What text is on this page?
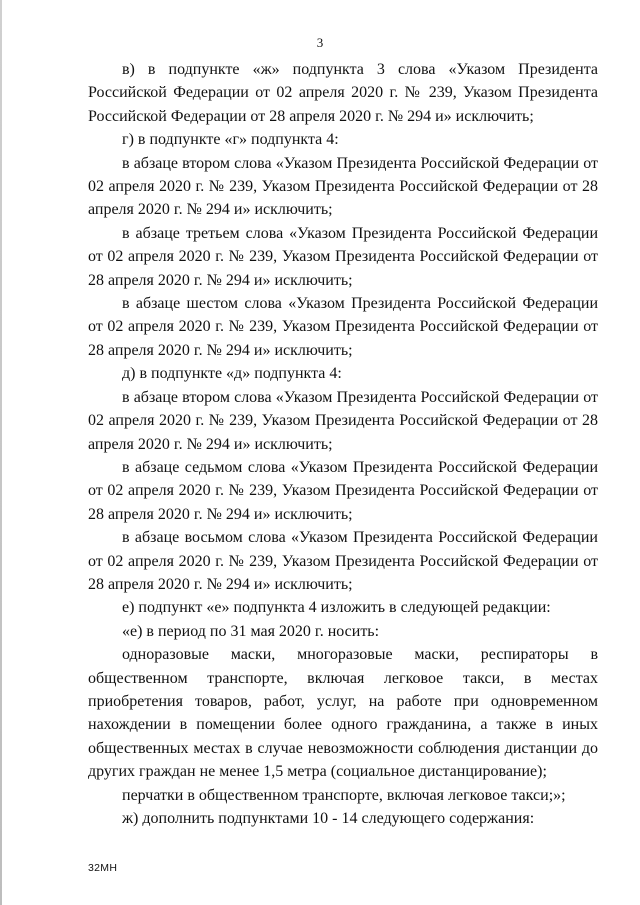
3

в) в подпункте «ж» подпункта 3 слова «Указом Президента Российской Федерации от 02 апреля 2020 г. № 239, Указом Президента Российской Федерации от 28 апреля 2020 г. № 294 и» исключить;

г) в подпункте «г» подпункта 4:

в абзаце втором слова «Указом Президента Российской Федерации от 02 апреля 2020 г. № 239, Указом Президента Российской Федерации от 28 апреля 2020 г. № 294 и» исключить;

в абзаце третьем слова «Указом Президента Российской Федерации от 02 апреля 2020 г. № 239, Указом Президента Российской Федерации от 28 апреля 2020 г. № 294 и» исключить;

в абзаце шестом слова «Указом Президента Российской Федерации от 02 апреля 2020 г. № 239, Указом Президента Российской Федерации от 28 апреля 2020 г. № 294 и» исключить;

д) в подпункте «д» подпункта 4:

в абзаце втором слова «Указом Президента Российской Федерации от 02 апреля 2020 г. № 239, Указом Президента Российской Федерации от 28 апреля 2020 г. № 294 и» исключить;

в абзаце седьмом слова «Указом Президента Российской Федерации от 02 апреля 2020 г. № 239, Указом Президента Российской Федерации от 28 апреля 2020 г. № 294 и» исключить;

в абзаце восьмом слова «Указом Президента Российской Федерации от 02 апреля 2020 г. № 239, Указом Президента Российской Федерации от 28 апреля 2020 г. № 294 и» исключить;

е) подпункт «е» подпункта 4 изложить в следующей редакции:

«е) в период по 31 мая 2020 г. носить:

одноразовые маски, многоразовые маски, респираторы в общественном транспорте, включая легковое такси, в местах приобретения товаров, работ, услуг, на работе при одновременном нахождении в помещении более одного гражданина, а также в иных общественных местах в случае невозможности соблюдения дистанции до других граждан не менее 1,5 метра (социальное дистанцирование);

перчатки в общественном транспорте, включая легковое такси;»;

ж) дополнить подпунктами 10 - 14 следующего содержания:

32МН
